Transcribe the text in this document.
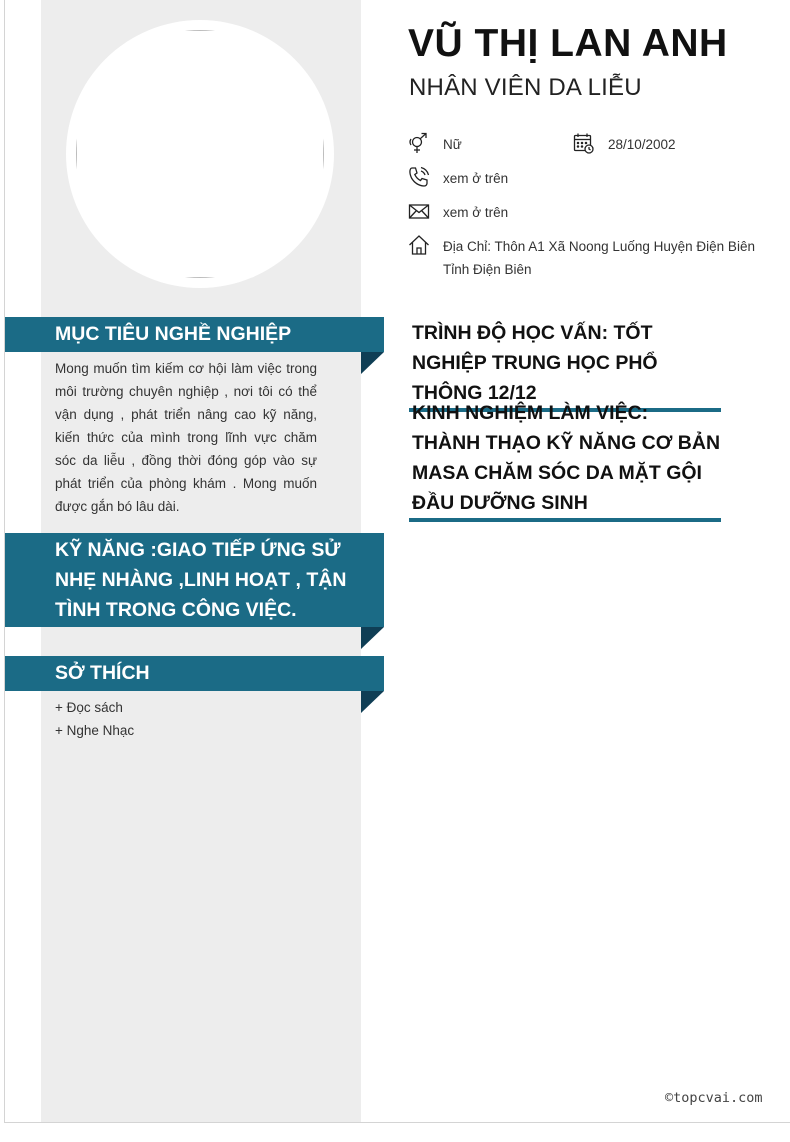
MỤC TIÊU NGHỀ NGHIỆP
Mong muốn tìm kiếm cơ hội làm việc trong môi trường chuyên nghiệp , nơi tôi có thể vận dụng , phát triển nâng cao kỹ năng, kiến thức của mình trong lĩnh vực chăm sóc da liễu , đồng thời đóng góp vào sự phát triển của phòng khám . Mong muốn được gắn bó lâu dài.
KỸ NĂNG :GIAO TIẾP ỨNG SỬ NHẸ NHÀNG ,LINH HOẠT , TẬN TÌNH TRONG CÔNG VIỆC.
SỞ THÍCH
+ Đọc sách
+ Nghe Nhạc
VŨ THỊ LAN ANH
NHÂN VIÊN DA LIỄU
Nữ	28/10/2002
xem ở trên
xem ở trên
Địa Chỉ: Thôn A1 Xã Noong Luống Huyện Điện Biên
Tỉnh Điện Biên
TRÌNH ĐỘ HỌC VẤN: TỐT NGHIỆP TRUNG HỌC PHỔ THÔNG 12/12
KINH NGHIỆM LÀM VIỆC: THÀNH THẠO KỸ NĂNG CƠ BẢN MASA CHĂM SÓC DA MẶT GỘI ĐẦU DƯỠNG SINH
©topcvai.com
